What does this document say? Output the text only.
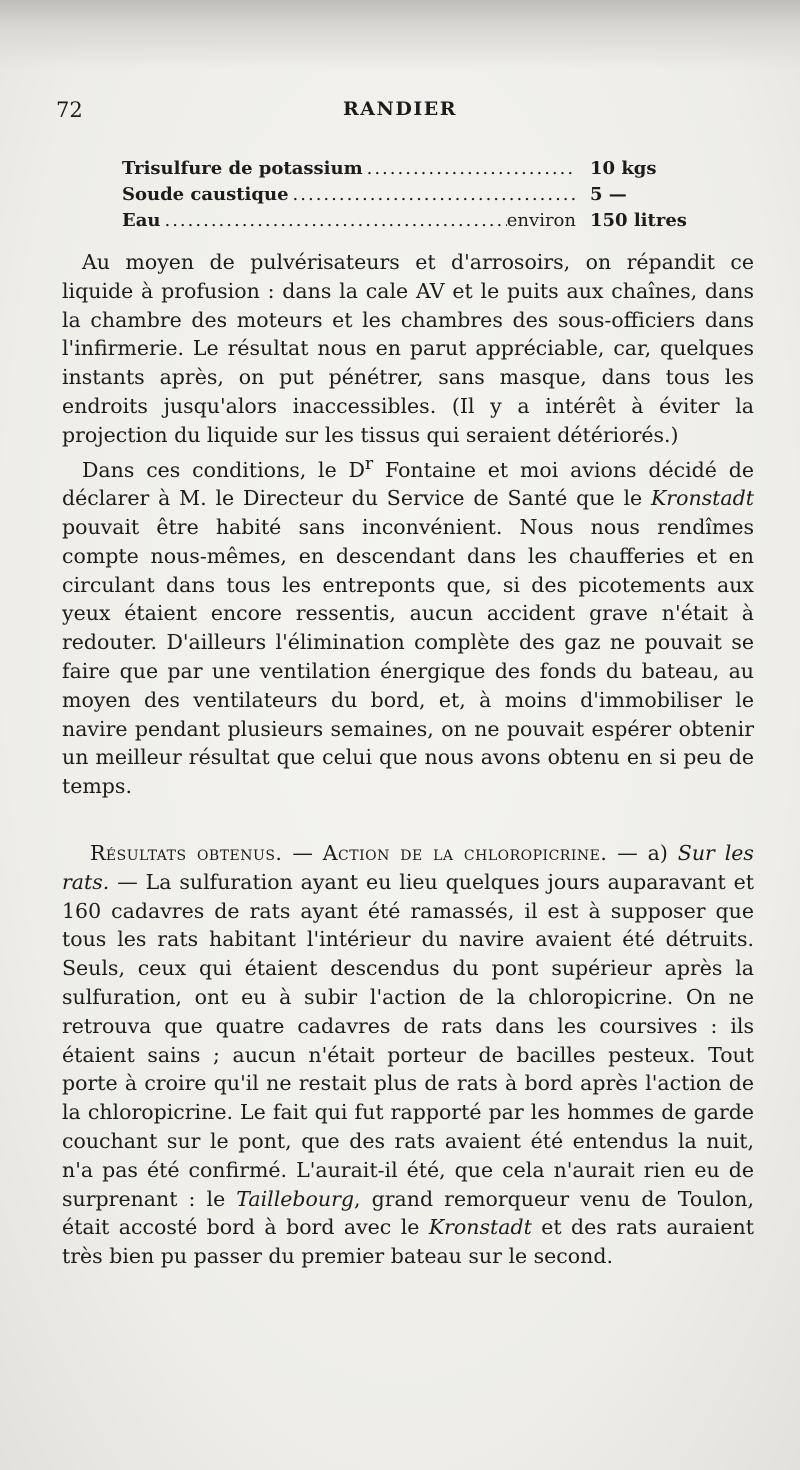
72	RANDIER
Trisulfure de potassium .....	10 kgs
Soude caustique .....	5 —
Eau .....	environ 150 litres

Au moyen de pulvérisateurs et d'arrosoirs, on répandit ce liquide à profusion : dans la cale AV et le puits aux chaînes, dans la chambre des moteurs et les chambres des sous-officiers dans l'infirmerie. Le résultat nous en parut appréciable, car, quelques instants après, on put pénétrer, sans masque, dans tous les endroits jusqu'alors inaccessibles. (Il y a intérêt à éviter la projection du liquide sur les tissus qui seraient détériorés.)

Dans ces conditions, le $D^r$ Fontaine et moi avions décidé de déclarer à M. le Directeur du Service de Santé que le Kronstadt pouvait être habité sans inconvénient. Nous nous rendîmes compte nous-mêmes, en descendant dans les chaufferies et en circulant dans tous les entreponts que, si des picotements aux yeux étaient encore ressentis, aucun accident grave n'était à redouter. D'ailleurs l'élimination complète des gaz ne pouvait se faire que par une ventilation énergique des fonds du bateau, au moyen des ventilateurs du bord, et, à moins d'immobiliser le navire pendant plusieurs semaines, on ne pouvait espérer obtenir un meilleur résultat que celui que nous avons obtenu en si peu de temps.

Résultats obtenus. — Action de la chloropicrine. — a) Sur les rats. — La sulfuration ayant eu lieu quelques jours auparavant et 160 cadavres de rats ayant été ramassés, il est à supposer que tous les rats habitant l'intérieur du navire avaient été détruits. Seuls, ceux qui étaient descendus du pont supérieur après la sulfuration, ont eu à subir l'action de la chloropicrine. On ne retrouva que quatre cadavres de rats dans les coursives : ils étaient sains ; aucun n'était porteur de bacilles pesteux. Tout porte à croire qu'il ne restait plus de rats à bord après l'action de la chloropicrine. Le fait qui fut rapporté par les hommes de garde couchant sur le pont, que des rats avaient été entendus la nuit, n'a pas été confirmé. L'aurait-il été, que cela n'aurait rien eu de surprenant : le Taillebourg, grand remorqueur venu de Toulon, était accosté bord à bord avec le Kronstadt et des rats auraient très bien pu passer du premier bateau sur le second.
